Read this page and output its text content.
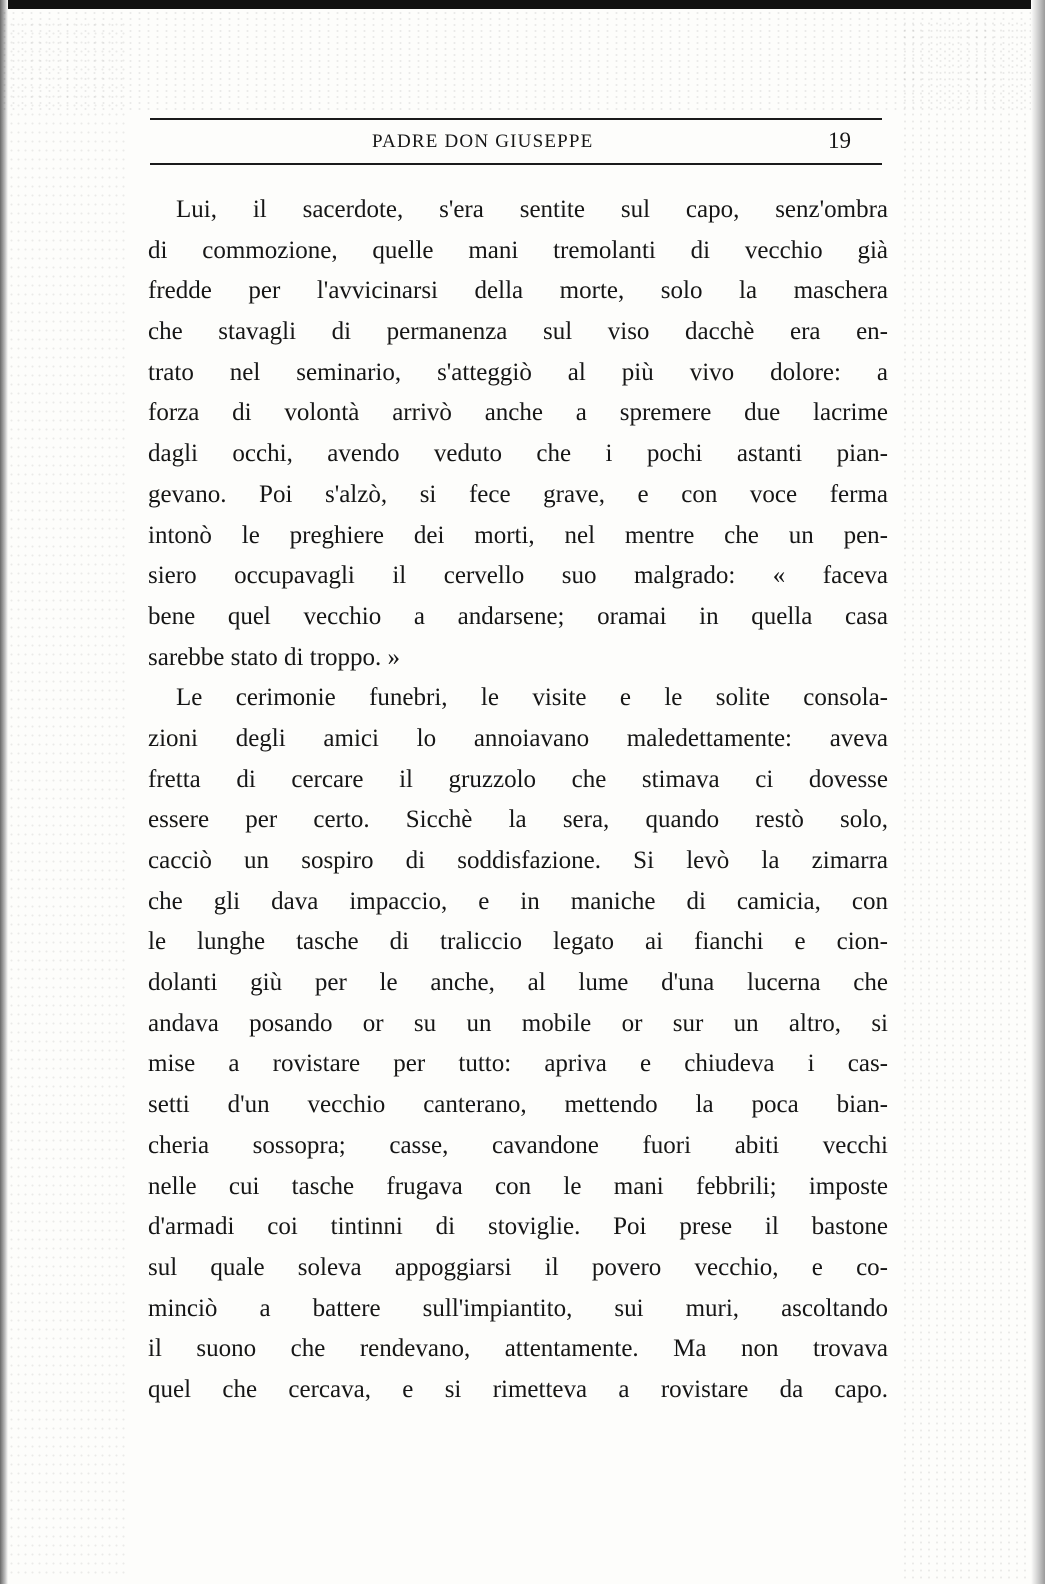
PADRE DON GIUSEPPE	19
Lui, il sacerdote, s'era sentite sul capo, senz'ombra
di commozione, quelle mani tremolanti di vecchio già
fredde per l'avvicinarsi della morte, solo la maschera
che stavagli di permanenza sul viso dacchè era en-
trato nel seminario, s'atteggiò al più vivo dolore: a
forza di volontà arrivò anche a spremere due lacrime
dagli occhi, avendo veduto che i pochi astanti pian-
gevano. Poi s'alzò, si fece grave, e con voce ferma
intonò le preghiere dei morti, nel mentre che un pen-
siero occupavagli il cervello suo malgrado: « faceva
bene quel vecchio a andarsene; oramai in quella casa
sarebbe stato di troppo. »
Le cerimonie funebri, le visite e le solite consola-
zioni degli amici lo annoiavano maledettamente: aveva
fretta di cercare il gruzzolo che stimava ci dovesse
essere per certo. Sicchè la sera, quando restò solo,
cacciò un sospiro di soddisfazione. Si levò la zimarra
che gli dava impaccio, e in maniche di camicia, con
le lunghe tasche di traliccio legato ai fianchi e cion-
dolanti giù per le anche, al lume d'una lucerna che
andava posando or su un mobile or sur un altro, si
mise a rovistare per tutto: apriva e chiudeva i cas-
setti d'un vecchio canterano, mettendo la poca bian-
cheria sossopra; casse, cavandone fuori abiti vecchi
nelle cui tasche frugava con le mani febbrili; imposte
d'armadi coi tintinni di stoviglie. Poi prese il bastone
sul quale soleva appoggiarsi il povero vecchio, e co-
minciò a battere sull'impiantito, sui muri, ascoltando
il suono che rendevano, attentamente. Ma non trovava
quel che cercava, e si rimetteva a rovistare da capo.
